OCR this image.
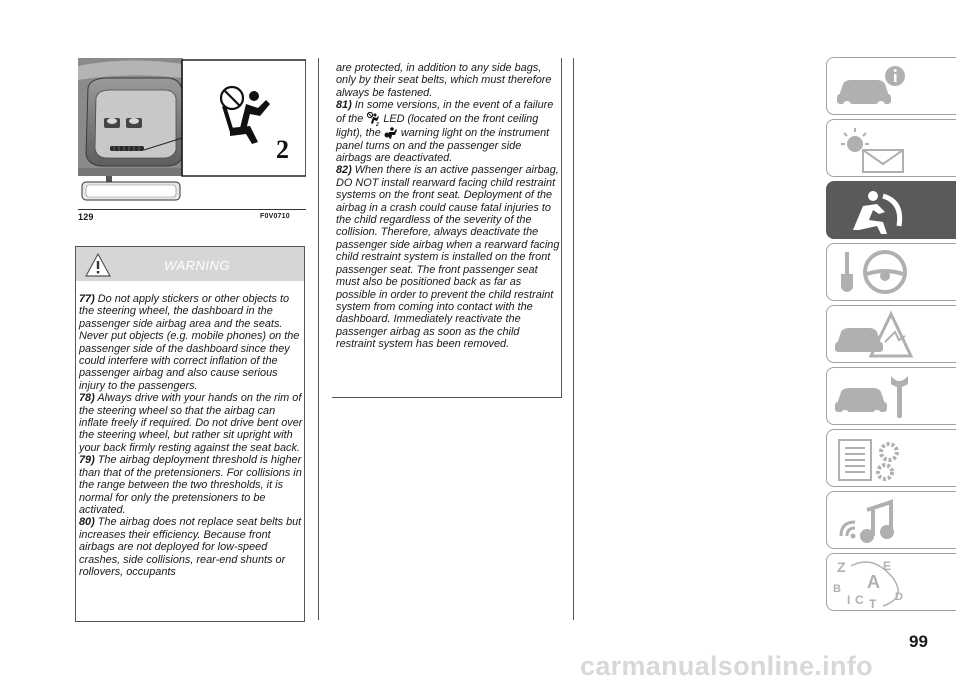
2
129	F0V0710
WARNING

77) Do not apply stickers or other objects to the steering wheel, the dashboard in the passenger side airbag area and the seats. Never put objects (e.g. mobile phones) on the passenger side of the dashboard since they could interfere with correct inflation of the passenger airbag and also cause serious injury to the passengers.

78) Always drive with your hands on the rim of the steering wheel so that the airbag can inflate freely if required. Do not drive bent over the steering wheel, but rather sit upright with your back firmly resting against the seat back.

79) The airbag deployment threshold is higher than that of the pretensioners. For collisions in the range between the two thresholds, it is normal for only the pretensioners to be activated.

80) The airbag does not replace seat belts but increases their efficiency. Because front airbags are not deployed for low-speed crashes, side collisions, rear-end shunts or rollovers, occupants

are protected, in addition to any side bags, only by their seat belts, which must therefore always be fastened.

81) In some versions, in the event of a failure of the	2 LED (located on the front ceiling light), the warning light on the instrument panel turns on and the passenger side airbags are deactivated.

82) When there is an active passenger airbag, DO NOT install rearward facing child restraint systems on the front seat. Deployment of the airbag in a crash could cause fatal injuries to the child regardless of the severity of the collision. Therefore, always deactivate the passenger side airbag when a rearward facing child restraint system is installed on the front passenger seat. The front passenger seat must also be positioned back as far as possible in order to prevent the child restraint system from coming into contact with the dashboard. Immediately reactivate the passenger airbag as soon as the child restraint system has been removed.

Z	E
B A
I C T D
99
carmanualsonline.info
